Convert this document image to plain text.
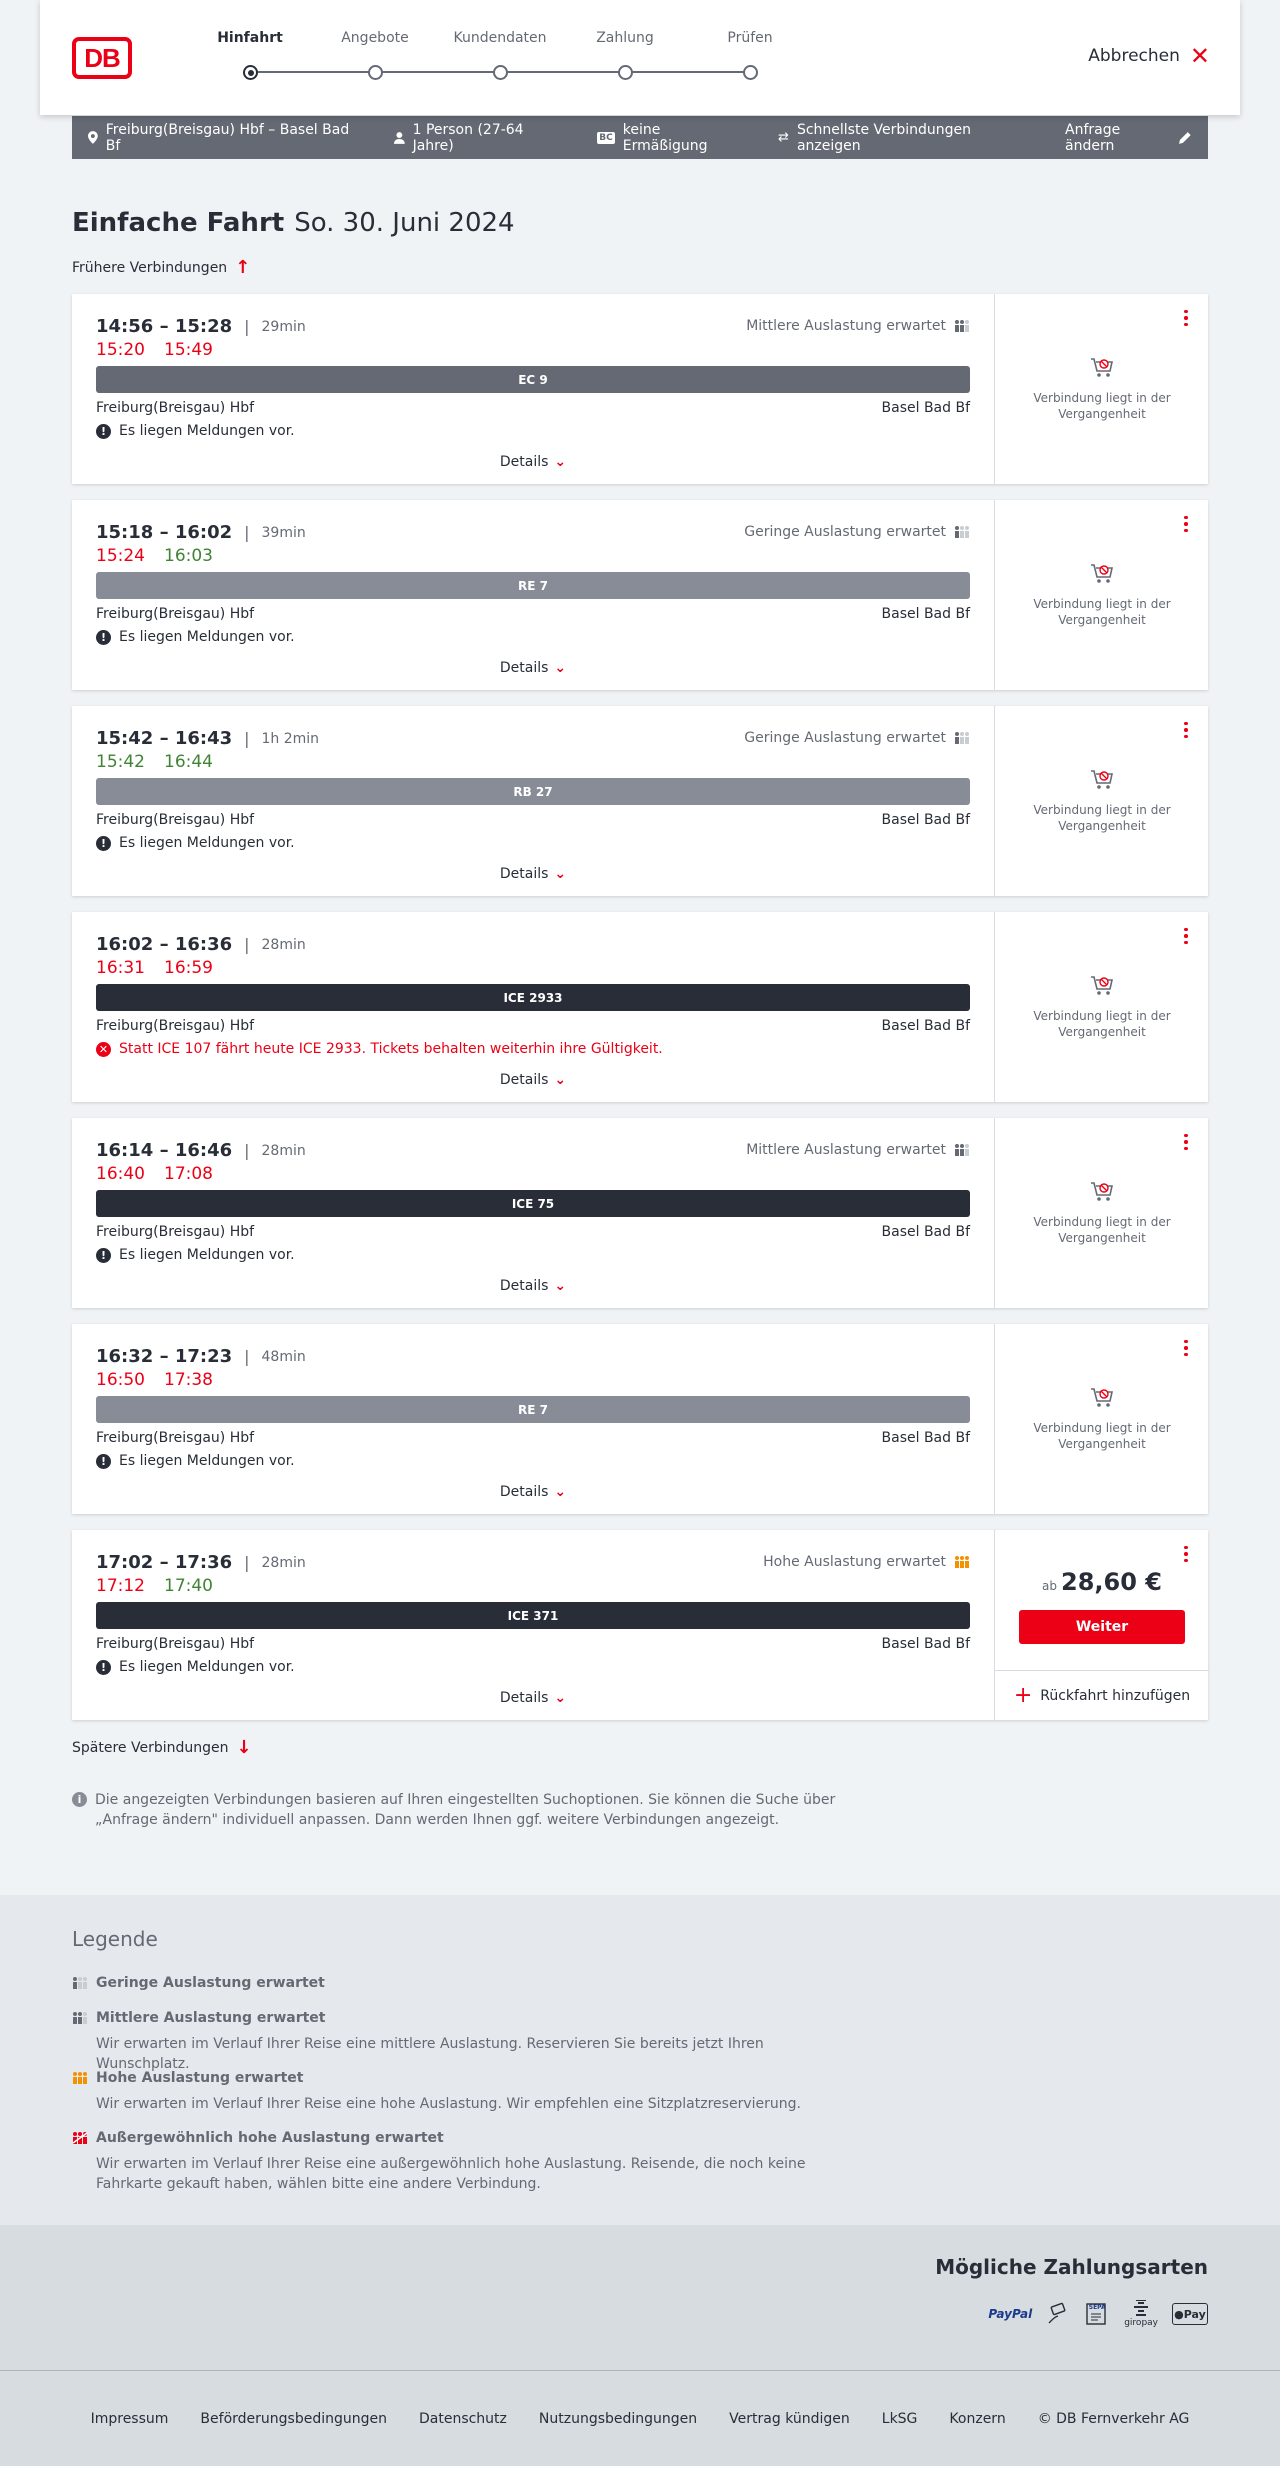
DB
Hinfahrt	Angebote	Kundendaten	Zahlung	Prüfen
Abbrechen ✕
Freiburg(Breisgau) Hbf – Basel Bad Bf
1 Person (27-64 Jahre)	BC keine Ermäßigung	⇄ Schnellste Verbindungen anzeigen
Anfrage ändern
Einfache Fahrt So. 30. Juni 2024
Frühere Verbindungen ↑
14:56 – 15:28 | 29min
15:20 15:49
Mittlere Auslastung erwartet
EC 9
Freiburg(Breisgau) Hbf	Basel Bad Bf
! Es liegen Meldungen vor.
Details ⌄
Verbindung liegt in der Vergangenheit
15:18 – 16:02 | 39min
15:24 16:03
Geringe Auslastung erwartet
RE 7
Freiburg(Breisgau) Hbf	Basel Bad Bf
! Es liegen Meldungen vor.
Details ⌄
Verbindung liegt in der Vergangenheit
15:42 – 16:43 | 1h 2min
15:42 16:44
Geringe Auslastung erwartet
RB 27
Freiburg(Breisgau) Hbf	Basel Bad Bf
! Es liegen Meldungen vor.
Details ⌄
Verbindung liegt in der Vergangenheit
16:02 – 16:36 | 28min
16:31 16:59
ICE 2933
Freiburg(Breisgau) Hbf	Basel Bad Bf
✕ Statt ICE 107 fährt heute ICE 2933. Tickets behalten weiterhin ihre Gültigkeit.
Details ⌄
Verbindung liegt in der Vergangenheit
16:14 – 16:46 | 28min
16:40 17:08
Mittlere Auslastung erwartet
ICE 75
Freiburg(Breisgau) Hbf	Basel Bad Bf
! Es liegen Meldungen vor.
Details ⌄
Verbindung liegt in der Vergangenheit
16:32 – 17:23 | 48min
16:50 17:38
RE 7
Freiburg(Breisgau) Hbf	Basel Bad Bf
! Es liegen Meldungen vor.
Details ⌄
Verbindung liegt in der Vergangenheit
17:02 – 17:36 | 28min
17:12 17:40
Hohe Auslastung erwartet
ICE 371
Freiburg(Breisgau) Hbf	Basel Bad Bf
! Es liegen Meldungen vor.
Details ⌄
ab 28,60 €
Weiter
+ Rückfahrt hinzufügen
Spätere Verbindungen ↓
i Die angezeigten Verbindungen basieren auf Ihren eingestellten Suchoptionen. Sie können die Suche über „Anfrage ändern" individuell anpassen. Dann werden Ihnen ggf. weitere Verbindungen angezeigt.
Legende
Geringe Auslastung erwartet
Mittlere Auslastung erwartet

Wir erwarten im Verlauf Ihrer Reise eine mittlere Auslastung. Reservieren Sie bereits jetzt Ihren Wunschplatz.

Hohe Auslastung erwartet

Wir erwarten im Verlauf Ihrer Reise eine hohe Auslastung. Wir empfehlen eine Sitzplatzreservierung.

Außergewöhnlich hohe Auslastung erwartet

Wir erwarten im Verlauf Ihrer Reise eine außergewöhnlich hohe Auslastung. Reisende, die noch keine Fahrkarte gekauft haben, wählen bitte eine andere Verbindung.

Mögliche Zahlungsarten
PayPal	SEPA
giropay
● Pay
Impressum Beförderungsbedingungen Datenschutz Nutzungsbedingungen Vertrag kündigen LkSG Konzern © DB Fernverkehr AG
